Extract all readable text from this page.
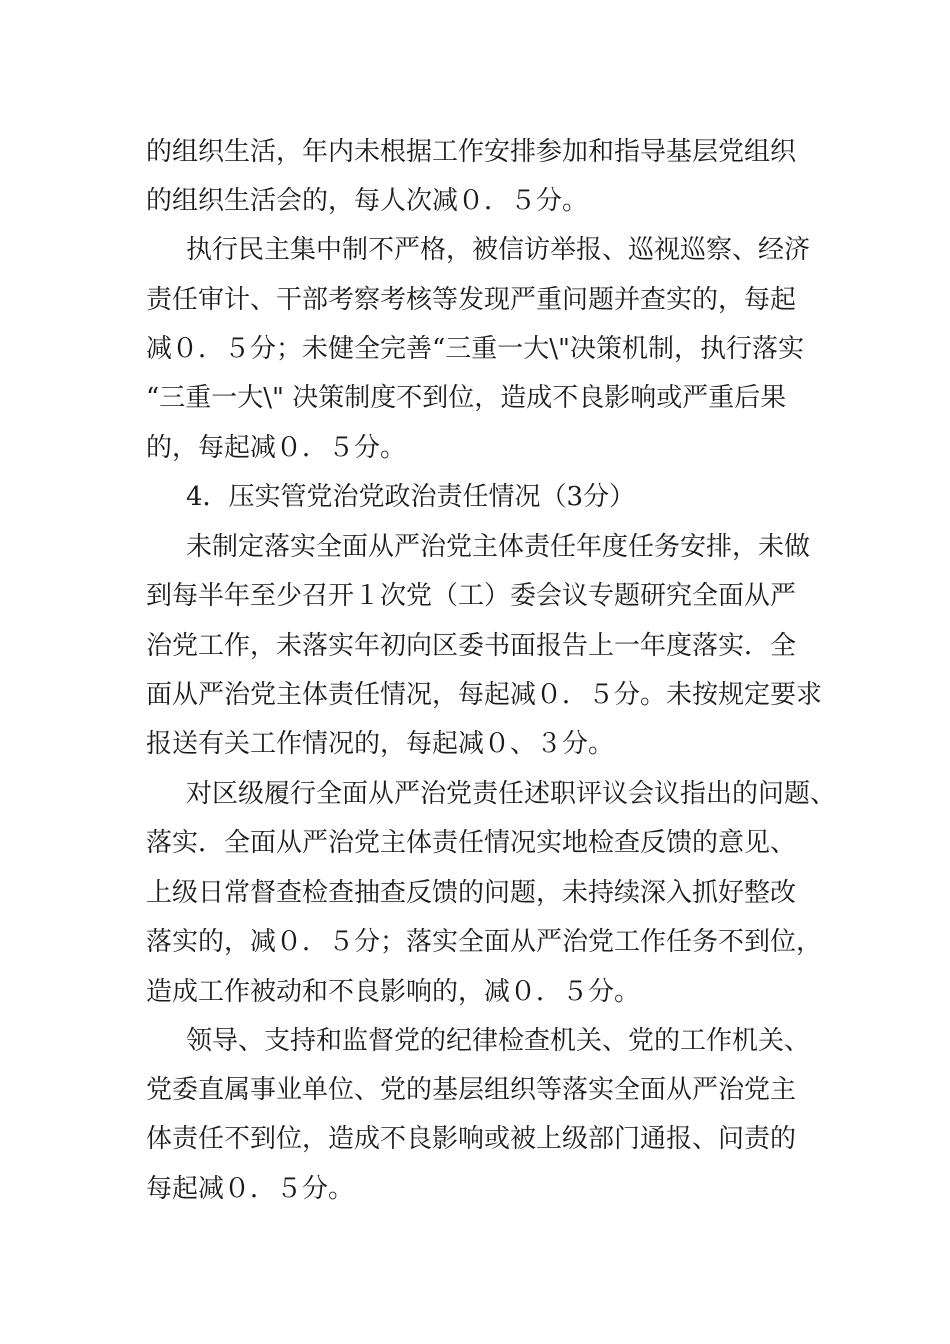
的组织生活，年内未根据工作安排参加和指导基层党组织
的组织生活会的，每人次减０．５分。
执行民主集中制不严格，被信访举报、巡视巡察、经济
责任审计、干部考察考核等发现严重问题并查实的，每起
减０．５分；未健全完善“三重一大\"决策机制，执行落实
“三重一大\" 决策制度不到位，造成不良影响或严重后果
的，每起减０．５分。
4．压实管党治党政治责任情况（3分）
未制定落实全面从严治党主体责任年度任务安排，未做
到每半年至少召开１次党（工）委会议专题研究全面从严
治党工作，未落实年初向区委书面报告上一年度落实．全
面从严治党主体责任情况，每起减０．５分。未按规定要求
报送有关工作情况的，每起减０、３分。
对区级履行全面从严治党责任述职评议会议指出的问题、
落实．全面从严治党主体责任情况实地检查反馈的意见、
上级日常督查检查抽查反馈的问题，未持续深入抓好整改
落实的，减０．５分；落实全面从严治党工作任务不到位，
造成工作被动和不良影响的，减０．５分。
领导、支持和监督党的纪律检查机关、党的工作机关、
党委直属事业单位、党的基层组织等落实全面从严治党主
体责任不到位，造成不良影响或被上级部门通报、问责的
每起减０．５分。
